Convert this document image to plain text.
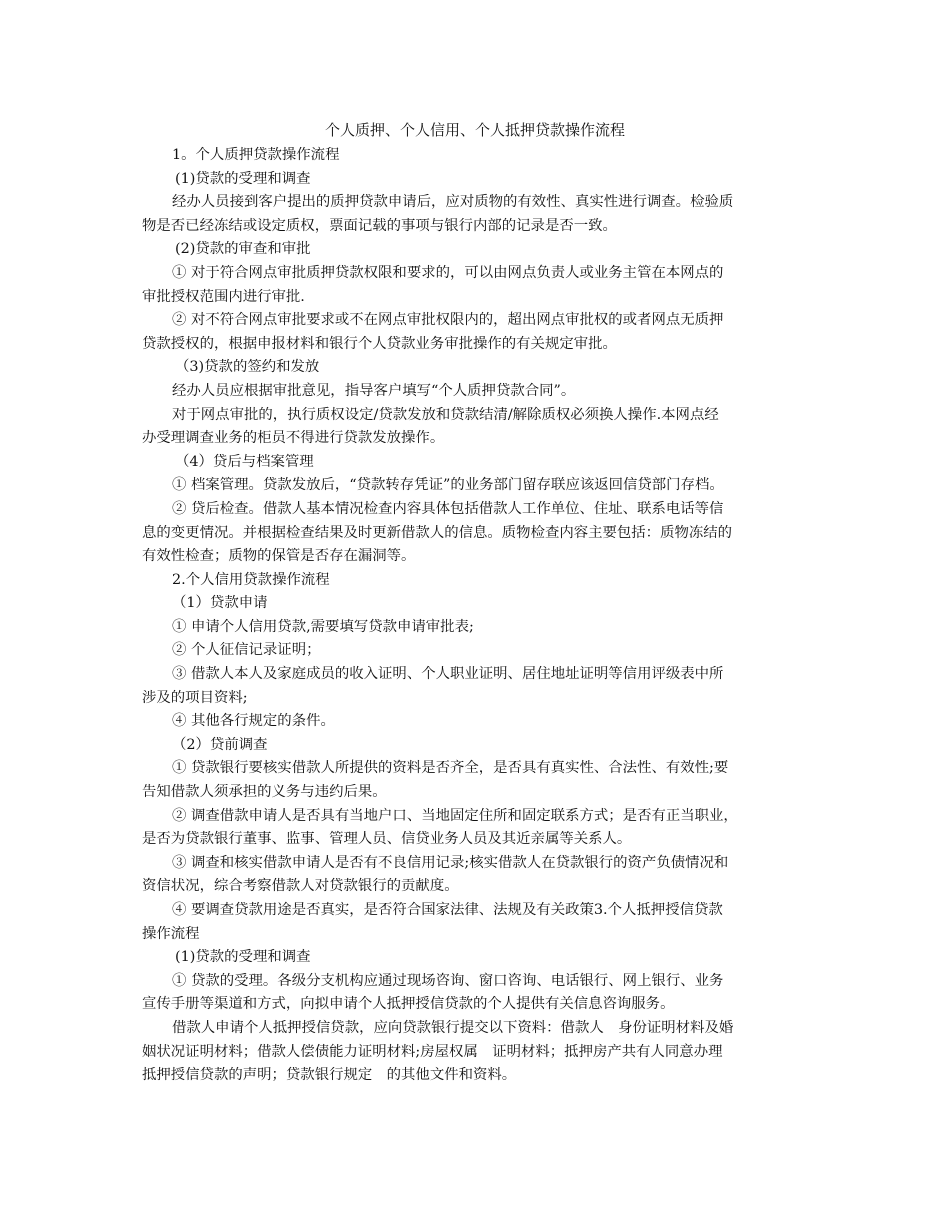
个人质押、个人信用、个人抵押贷款操作流程
1。个人质押贷款操作流程
(1)贷款的受理和调查
经办人员接到客户提出的质押贷款申请后，应对质物的有效性、真实性进行调查。检验质
物是否已经冻结或设定质权，票面记载的事项与银行内部的记录是否一致。
(2)贷款的审查和审批
① 对于符合网点审批质押贷款权限和要求的，可以由网点负责人或业务主管在本网点的
审批授权范围内进行审批.
② 对不符合网点审批要求或不在网点审批权限内的，超出网点审批权的或者网点无质押
贷款授权的，根据申报材料和银行个人贷款业务审批操作的有关规定审批。
（3)贷款的签约和发放
经办人员应根据审批意见，指导客户填写“个人质押贷款合同”。
对于网点审批的，执行质权设定/贷款发放和贷款结清/解除质权必须换人操作.本网点经
办受理调查业务的柜员不得进行贷款发放操作。
（4）贷后与档案管理
① 档案管理。贷款发放后，“贷款转存凭证”的业务部门留存联应该返回信贷部门存档。
② 贷后检查。借款人基本情况检查内容具体包括借款人工作单位、住址、联系电话等信
息的变更情况。并根据检查结果及时更新借款人的信息。质物检查内容主要包括：质物冻结的
有效性检查；质物的保管是否存在漏洞等。
2.个人信用贷款操作流程
（1）贷款申请
① 申请个人信用贷款,需要填写贷款申请审批表;
② 个人征信记录证明；
③ 借款人本人及家庭成员的收入证明、个人职业证明、居住地址证明等信用评级表中所
涉及的项目资料;
④ 其他各行规定的条件。
（2）贷前调查
① 贷款银行要核实借款人所提供的资料是否齐全，是否具有真实性、合法性、有效性;要
告知借款人须承担的义务与违约后果。
② 调查借款申请人是否具有当地户口、当地固定住所和固定联系方式；是否有正当职业，
是否为贷款银行董事、监事、管理人员、信贷业务人员及其近亲属等关系人。
③ 调查和核实借款申请人是否有不良信用记录;核实借款人在贷款银行的资产负债情况和
资信状况，综合考察借款人对贷款银行的贡献度。
④ 要调查贷款用途是否真实，是否符合国家法律、法规及有关政策3.个人抵押授信贷款
操作流程
(1)贷款的受理和调查
① 贷款的受理。各级分支机构应通过现场咨询、窗口咨询、电话银行、网上银行、业务
宣传手册等渠道和方式，向拟申请个人抵押授信贷款的个人提供有关信息咨询服务。
借款人申请个人抵押授信贷款，应向贷款银行提交以下资料：借款人　身份证明材料及婚
姻状况证明材料；借款人偿债能力证明材料;房屋权属　证明材料；抵押房产共有人同意办理
抵押授信贷款的声明；贷款银行规定　的其他文件和资料。
